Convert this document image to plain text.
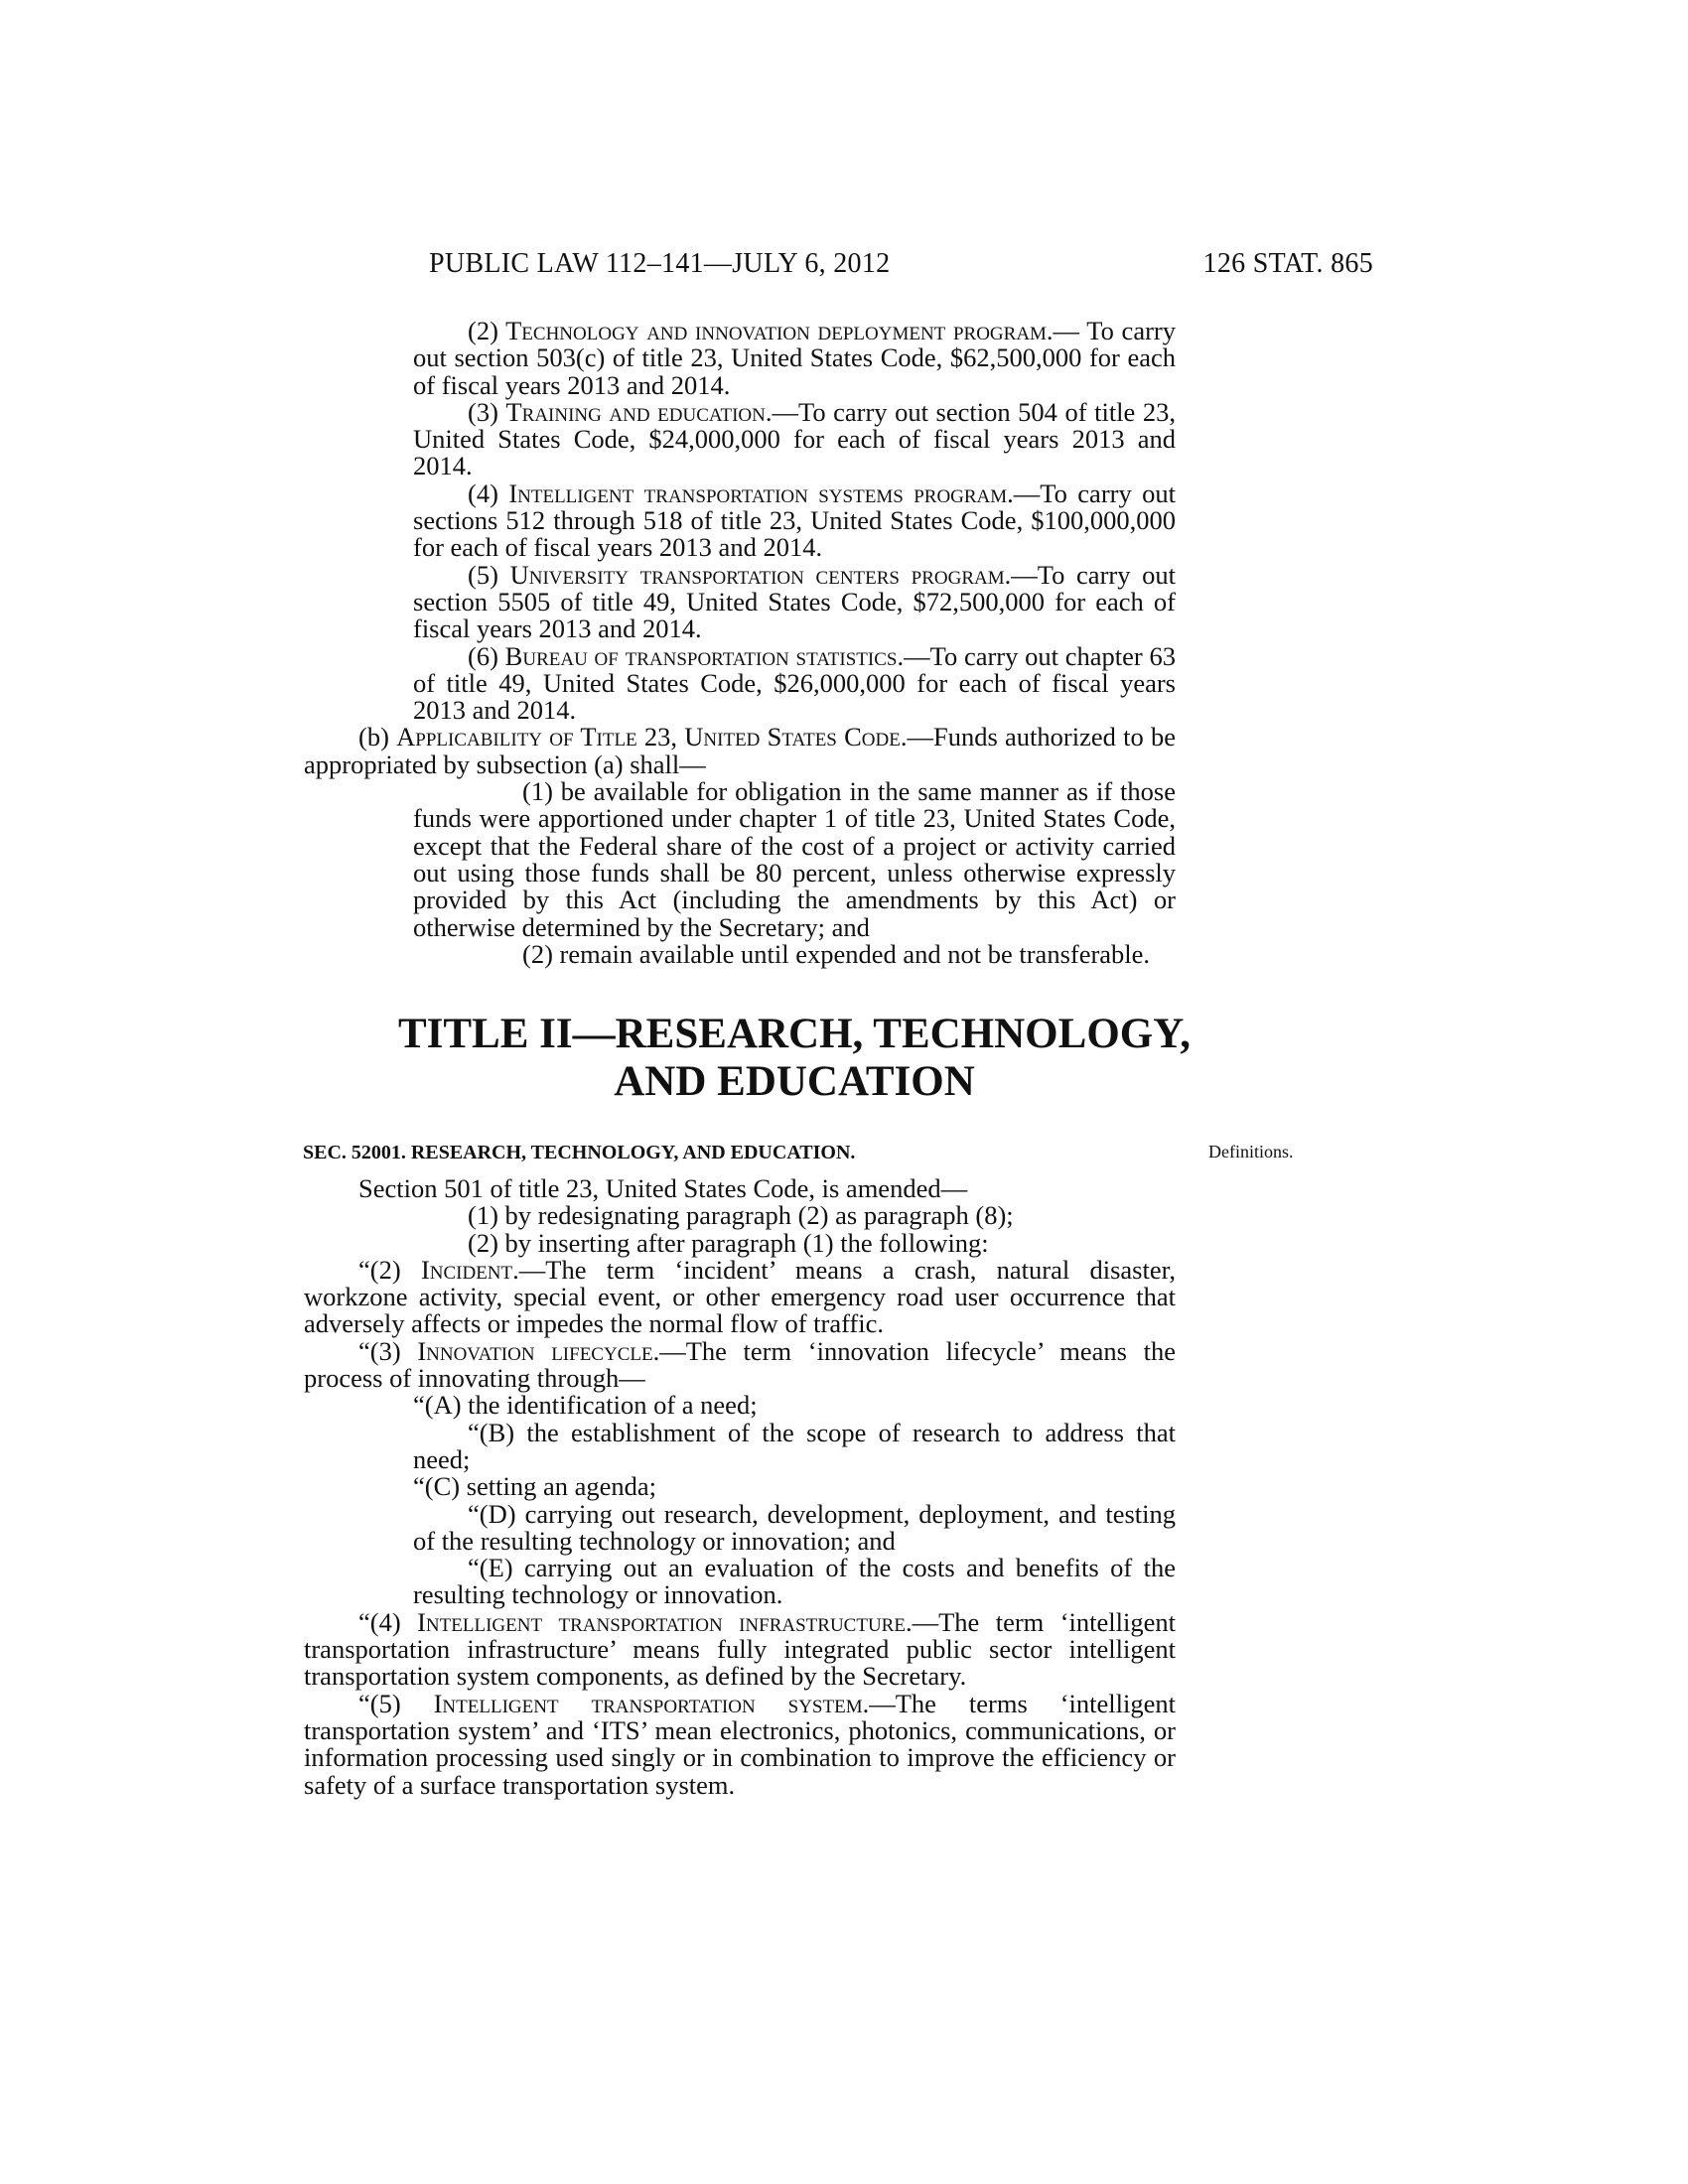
PUBLIC LAW 112–141—JULY 6, 2012	126 STAT. 865

(2) Technology and innovation deployment program.— To carry out section 503(c) of title 23, United States Code, $62,500,000 for each of fiscal years 2013 and 2014.

(3) Training and education.—To carry out section 504 of title 23, United States Code, $24,000,000 for each of fiscal years 2013 and 2014.

(4) Intelligent transportation systems program.—To carry out sections 512 through 518 of title 23, United States Code, $100,000,000 for each of fiscal years 2013 and 2014.

(5) University transportation centers program.—To carry out section 5505 of title 49, United States Code, $72,500,000 for each of fiscal years 2013 and 2014.

(6) Bureau of transportation statistics.—To carry out chapter 63 of title 49, United States Code, $26,000,000 for each of fiscal years 2013 and 2014.

(b) Applicability of Title 23, United States Code.—Funds authorized to be appropriated by subsection (a) shall—

(1) be available for obligation in the same manner as if those funds were apportioned under chapter 1 of title 23, United States Code, except that the Federal share of the cost of a project or activity carried out using those funds shall be 80 percent, unless otherwise expressly provided by this Act (including the amendments by this Act) or otherwise determined by the Secretary; and

(2) remain available until expended and not be transferable.

TITLE II—RESEARCH, TECHNOLOGY,
AND EDUCATION
SEC. 52001. RESEARCH, TECHNOLOGY, AND EDUCATION.	Definitions.

Section 501 of title 23, United States Code, is amended—

(1) by redesignating paragraph (2) as paragraph (8);

(2) by inserting after paragraph (1) the following:

“(2) Incident.—The term ‘incident’ means a crash, natural disaster, workzone activity, special event, or other emergency road user occurrence that adversely affects or impedes the normal flow of traffic.

“(3) Innovation lifecycle.—The term ‘innovation lifecycle’ means the process of innovating through—

“(A) the identification of a need;

“(B) the establishment of the scope of research to address that need;

“(C) setting an agenda;

“(D) carrying out research, development, deployment, and testing of the resulting technology or innovation; and

“(E) carrying out an evaluation of the costs and benefits of the resulting technology or innovation.

“(4) Intelligent transportation infrastructure.—The term ‘intelligent transportation infrastructure’ means fully integrated public sector intelligent transportation system components, as defined by the Secretary.

“(5) Intelligent transportation system.—The terms ‘intelligent transportation system’ and ‘ITS’ mean electronics, photonics, communications, or information processing used singly or in combination to improve the efficiency or safety of a surface transportation system.
